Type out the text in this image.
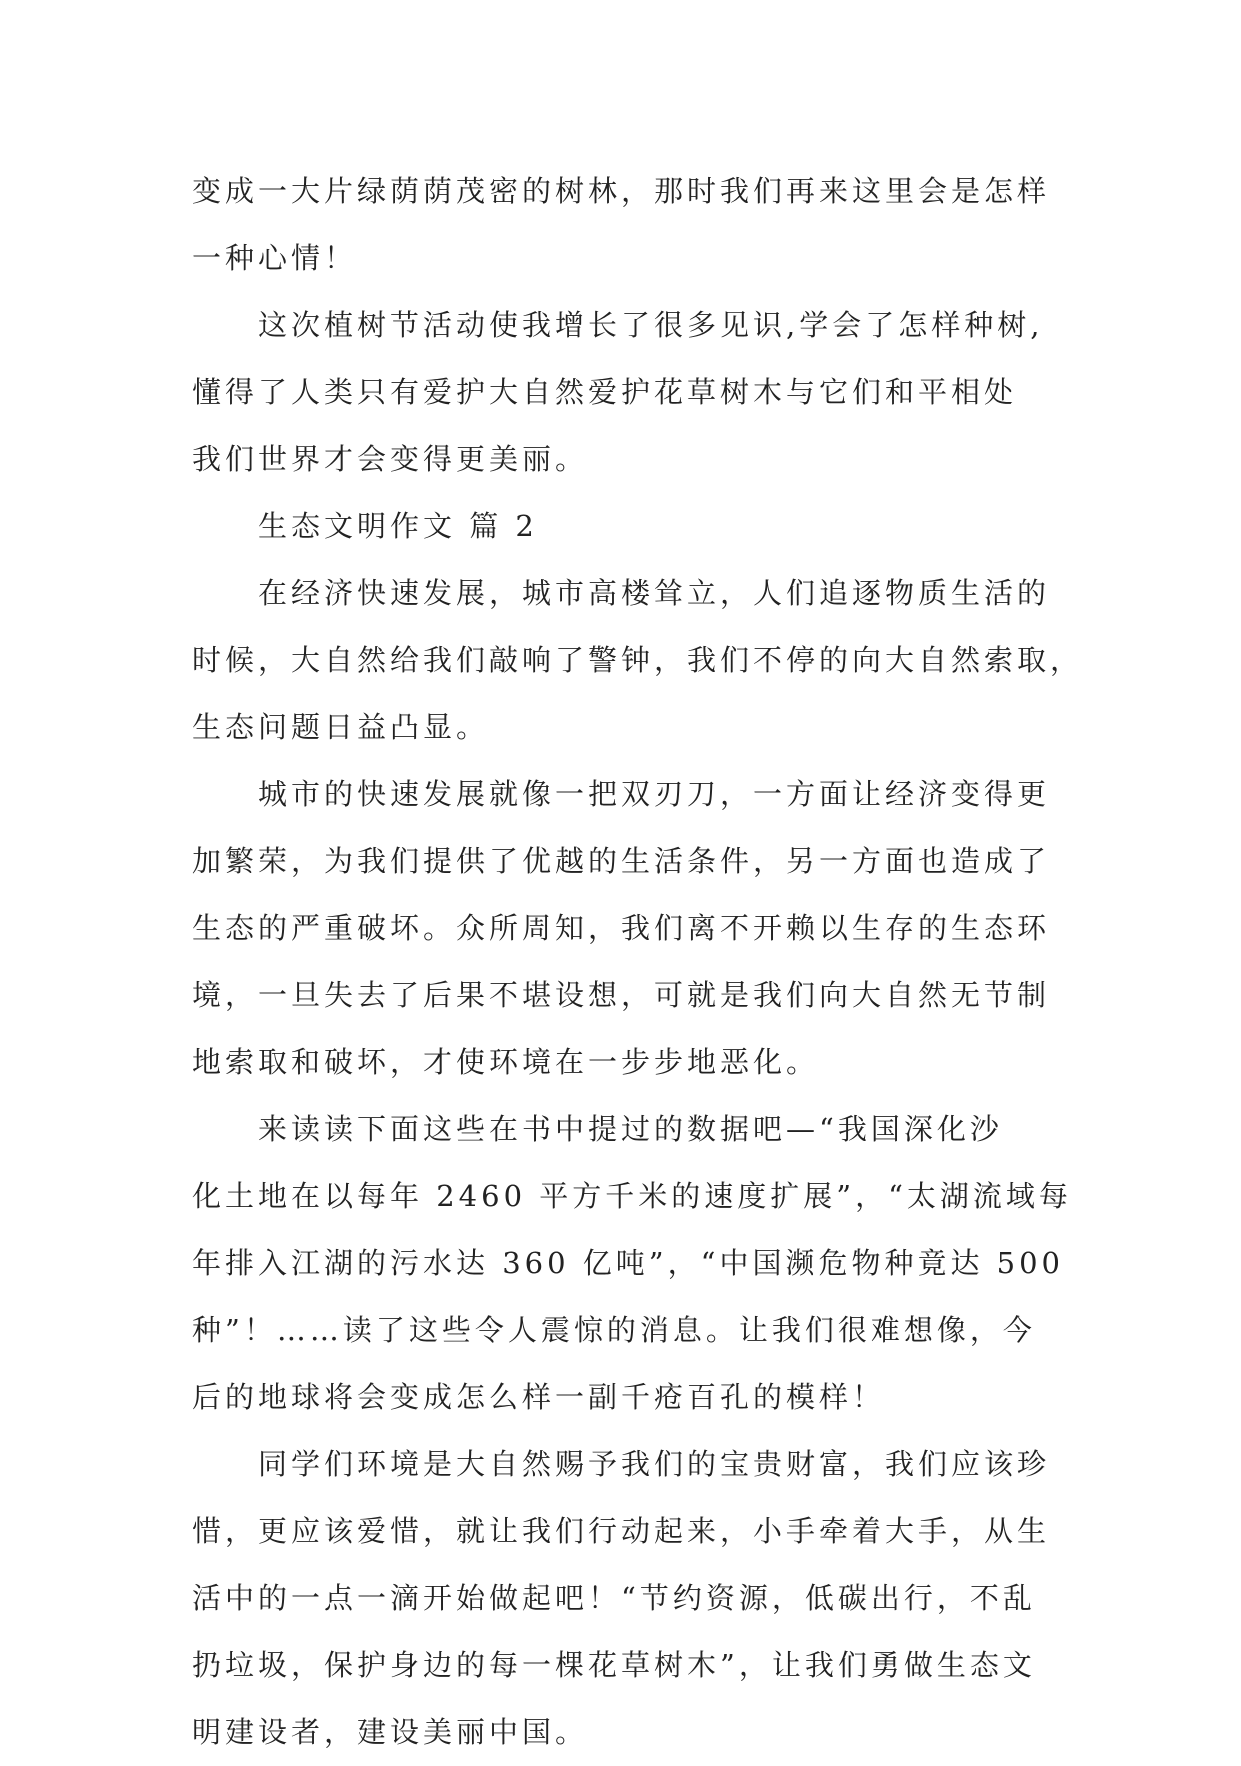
变成一大片绿荫荫茂密的树林，那时我们再来这里会是怎样
一种心情！
这次植树节活动使我增长了很多见识,学会了怎样种树,
懂得了人类只有爱护大自然爱护花草树木与它们和平相处
我们世界才会变得更美丽。
生态文明作文 篇 2
在经济快速发展，城市高楼耸立，人们追逐物质生活的
时候，大自然给我们敲响了警钟，我们不停的向大自然索取，
生态问题日益凸显。
城市的快速发展就像一把双刃刀，一方面让经济变得更
加繁荣，为我们提供了优越的生活条件，另一方面也造成了
生态的严重破坏。众所周知，我们离不开赖以生存的生态环
境，一旦失去了后果不堪设想，可就是我们向大自然无节制
地索取和破坏，才使环境在一步步地恶化。
来读读下面这些在书中提过的数据吧—“我国深化沙
化土地在以每年 2460 平方千米的速度扩展”，“太湖流域每
年排入江湖的污水达 360 亿吨”，“中国濒危物种竟达 500
种”！……读了这些令人震惊的消息。让我们很难想像，今
后的地球将会变成怎么样一副千疮百孔的模样！
同学们环境是大自然赐予我们的宝贵财富，我们应该珍
惜，更应该爱惜，就让我们行动起来，小手牵着大手，从生
活中的一点一滴开始做起吧！“节约资源，低碳出行，不乱
扔垃圾，保护身边的每一棵花草树木”，让我们勇做生态文
明建设者，建设美丽中国。
